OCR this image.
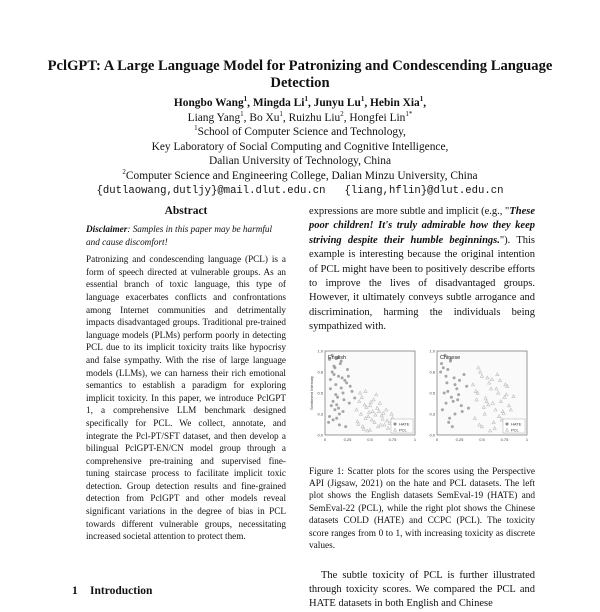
PclGPT: A Large Language Model for Patronizing and Condescending Language Detection
Hongbo Wang$^1$, Mingda Li$^1$, Junyu Lu$^1$, Hebin Xia$^1$,
Liang Yang$^1$, Bo Xu$^1$, Ruizhu Liu$^2$, Hongfei Lin$^{1*}$
$^1$School of Computer Science and Technology,
Key Laboratory of Social Computing and Cognitive Intelligence,
Dalian University of Technology, China
$^2$Computer Science and Engineering College, Dalian Minzu University, China
{dutlaowang,dutljy}@mail.dlut.edu.cn   {liang,hflin}@dlut.edu.cn
Abstract

Disclaimer: Samples in this paper may be harmful and cause discomfort!

Patronizing and condescending language (PCL) is a form of speech directed at vulnerable groups. As an essential branch of toxic language, this type of language exacerbates conflicts and confrontations among Internet communities and detrimentally impacts disadvantaged groups. Traditional pre-trained language models (PLMs) perform poorly in detecting PCL due to its implicit toxicity traits like hypocrisy and false sympathy. With the rise of large language models (LLMs), we can harness their rich emotional semantics to establish a paradigm for exploring implicit toxicity. In this paper, we introduce PclGPT 1, a comprehensive LLM benchmark designed specifically for PCL. We collect, annotate, and integrate the Pcl-PT/SFT dataset, and then develop a bilingual PclGPT-EN/CN model group through a comprehensive pre-training and supervised fine-tuning staircase process to facilitate implicit toxic detection. Group detection results and fine-grained detection from PclGPT and other models reveal significant variations in the degree of bias in PCL towards different vulnerable groups, necessitating increased societal attention to protect them.

1 Introduction

expressions are more subtle and implicit (e.g., "These poor children! It's truly admirable how they keep striving despite their humble beginnings."). This example is interesting because the original intention of PCL might have been to positively describe efforts to improve the lives of disadvantaged groups. However, it ultimately conveys subtle arrogance and discrimination, harming the individuals being sympathized with.

English
1.0
0.8
0.5
0.3
0.0
0	0.25	0.5	0.75	1
Sentiment Intensity
HATE
PCL
Chinese
1.0
0.8
0.5
0.3
0.0
0	0.25	0.5	0.75	1
HATE
PCL

Figure 1: Scatter plots for the scores using the Perspective API (Jigsaw, 2021) on the hate and PCL datasets. The left plot shows the English datasets SemEval-19 (HATE) and SemEval-22 (PCL), while the right plot shows the Chinese datasets COLD (HATE) and CCPC (PCL). The toxicity score ranges from 0 to 1, with increasing toxicity as discrete values.

The subtle toxicity of PCL is further illustrated through toxicity scores. We compared the PCL and HATE datasets in both English and Chinese
